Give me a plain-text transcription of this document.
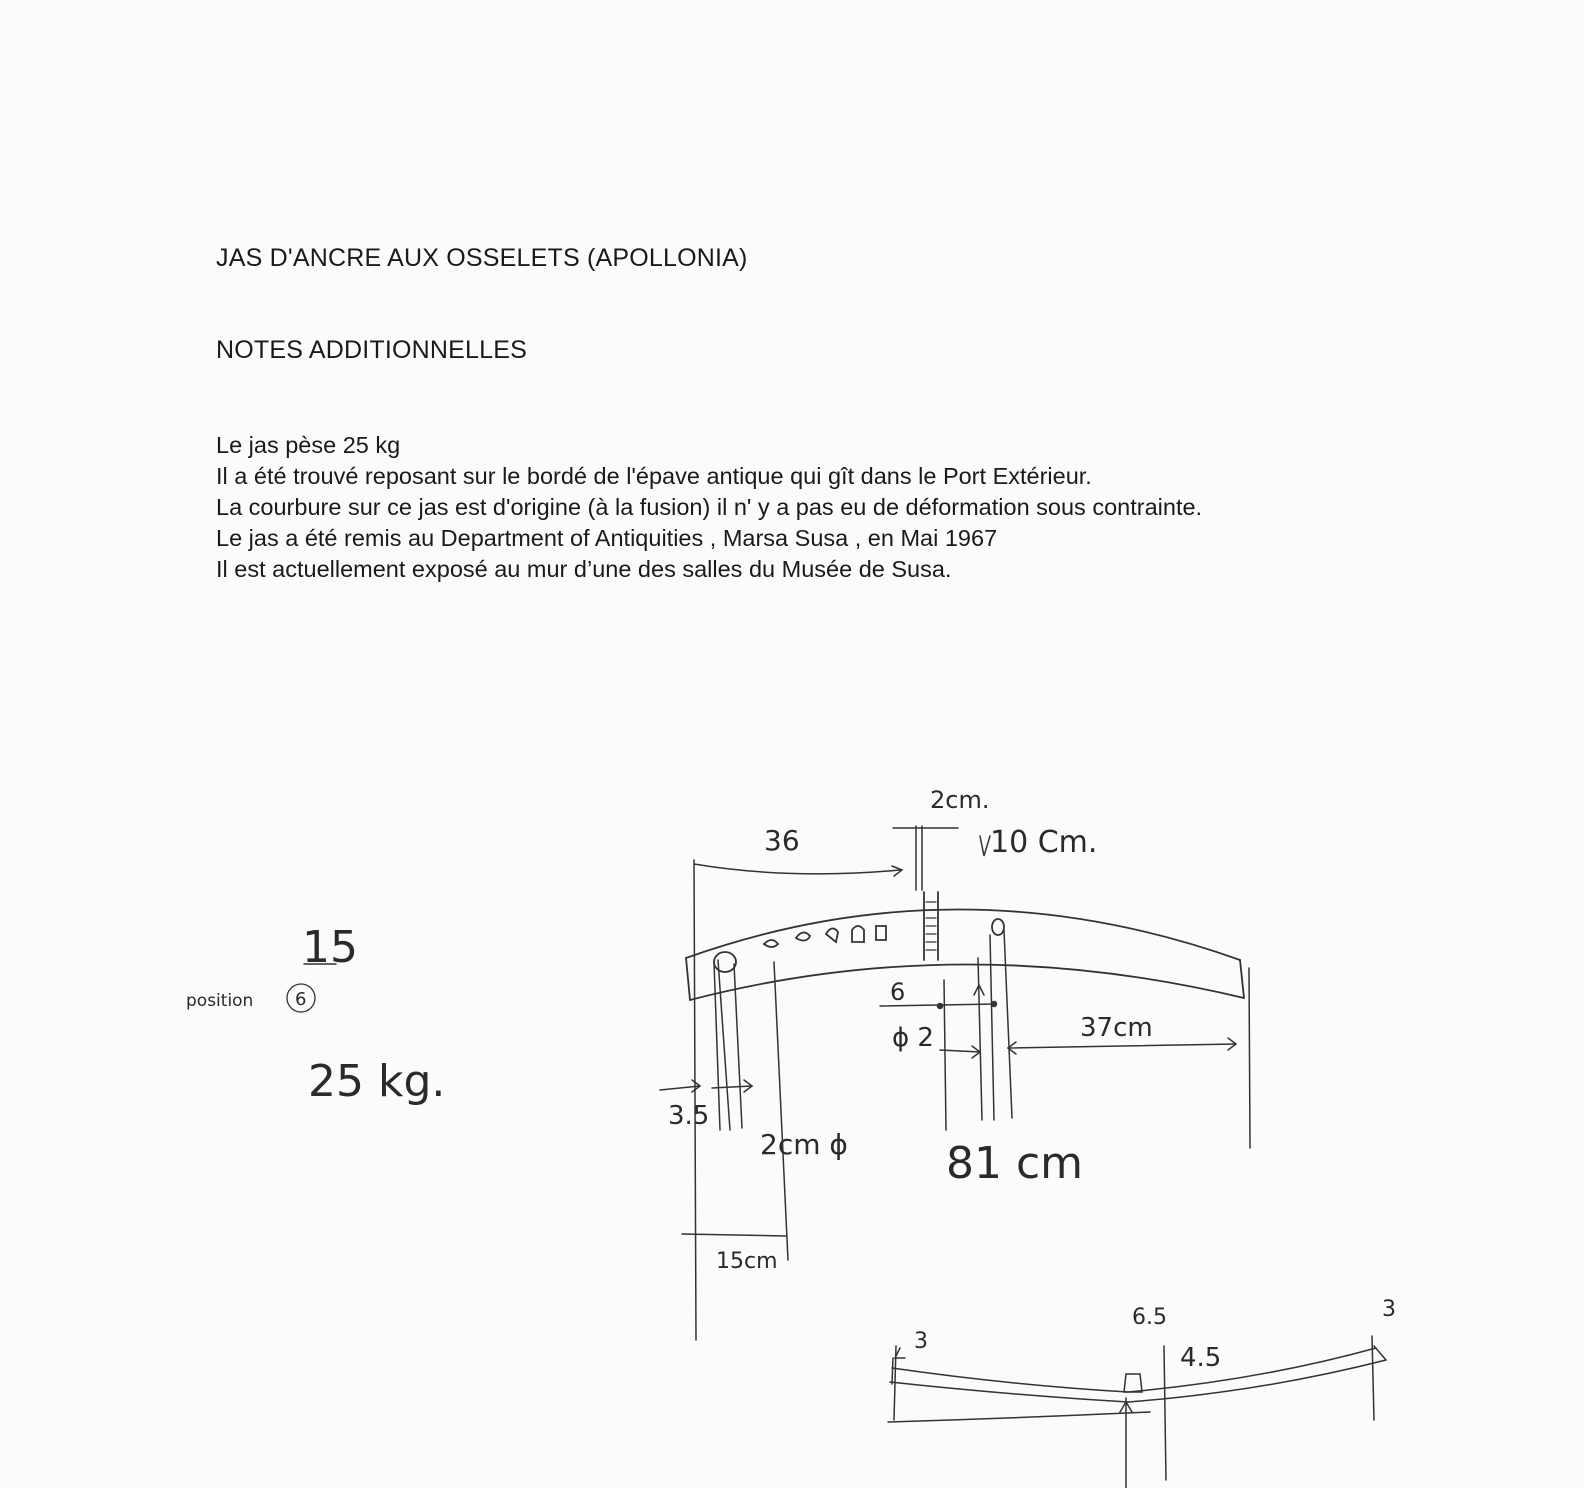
JAS D'ANCRE AUX OSSELETS (APOLLONIA)
NOTES ADDITIONNELLES
Le jas pèse 25 kg
Il a été trouvé reposant sur le bordé de l'épave antique qui gît dans le Port Extérieur.
La courbure sur ce jas est d'origine (à la fusion) il n' y a pas eu de déformation sous contrainte.
Le jas a été remis au Department of Antiquities , Marsa Susa , en Mai 1967
Il est actuellement exposé au mur d’une des salles du Musée de Susa.
15
position 6
25 kg.
36
2cm.
10 Cm.
6
ϕ 2	37cm
3.5
2cm ϕ 81 cm
15cm
6.5
4.5
3
3
